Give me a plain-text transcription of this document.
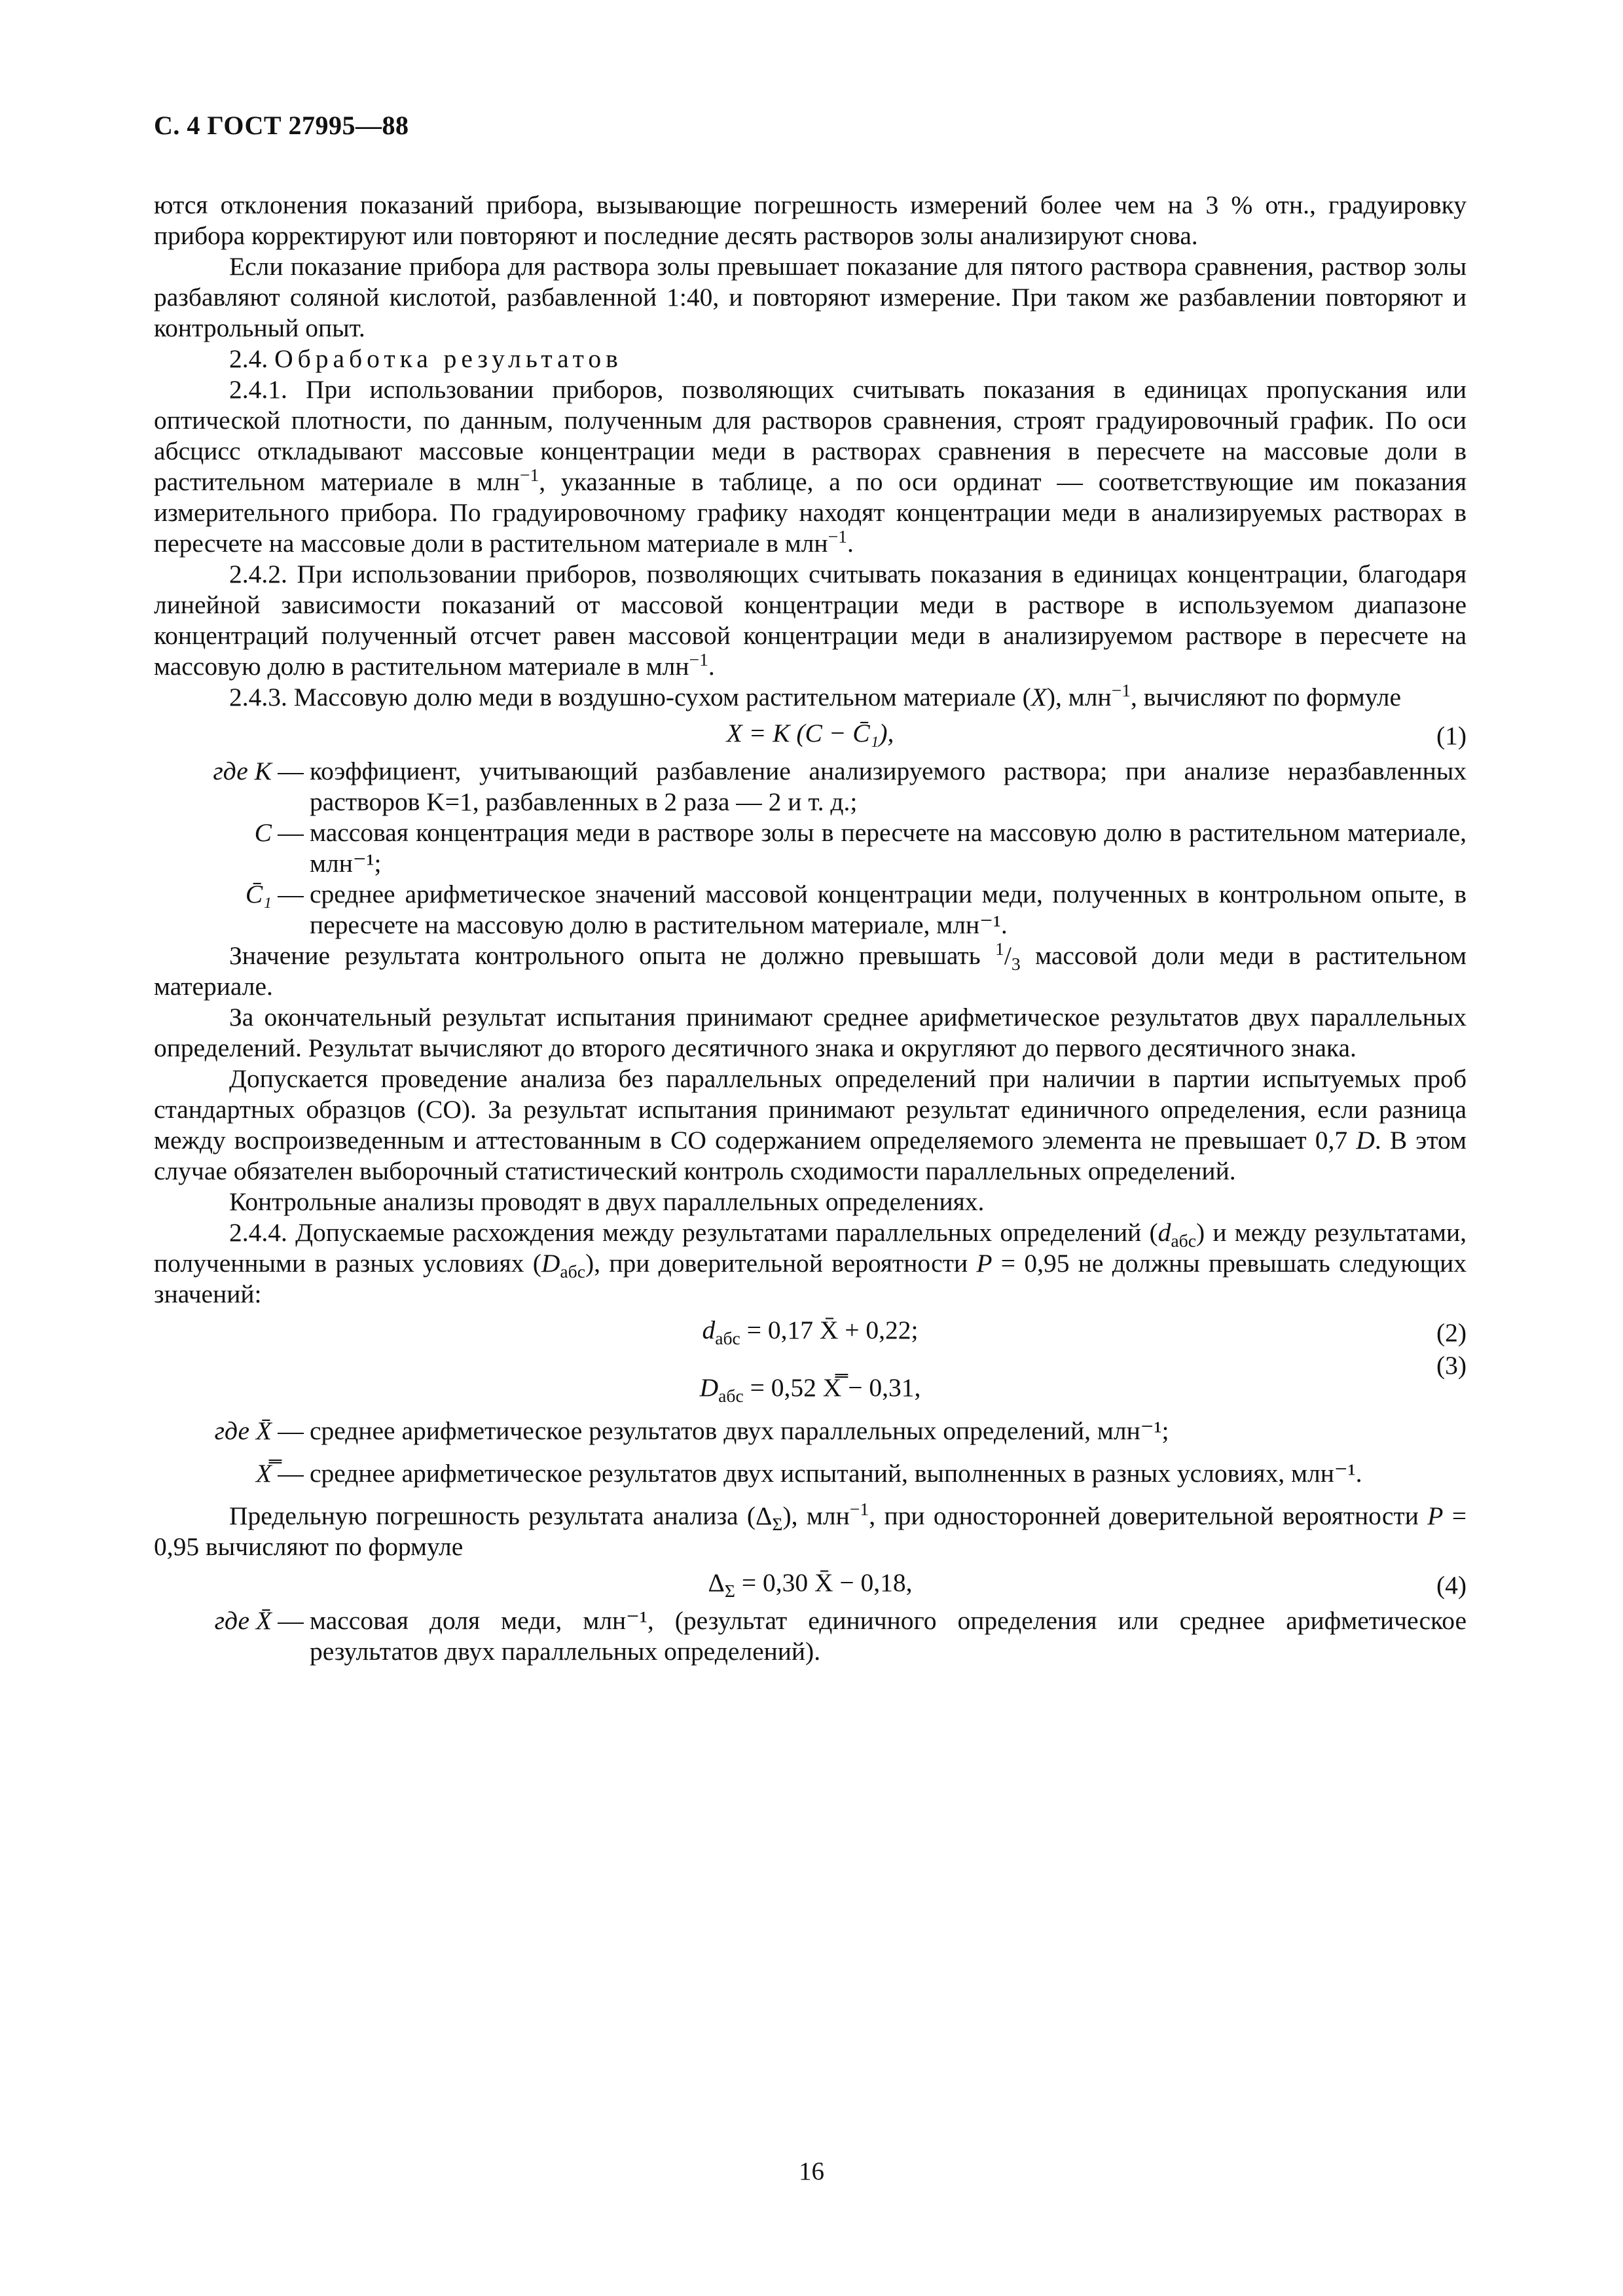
С. 4 ГОСТ 27995—88

ются отклонения показаний прибора, вызывающие погрешность измерений более чем на 3 % отн., градуировку прибора корректируют или повторяют и последние десять растворов золы анализируют снова.

Если показание прибора для раствора золы превышает показание для пятого раствора сравнения, раствор золы разбавляют соляной кислотой, разбавленной 1:40, и повторяют измерение. При таком же разбавлении повторяют и контрольный опыт.

2.4. Обработка результатов

2.4.1. При использовании приборов, позволяющих считывать показания в единицах пропускания или оптической плотности, по данным, полученным для растворов сравнения, строят градуировочный график. По оси абсцисс откладывают массовые концентрации меди в растворах сравнения в пересчете на массовые доли в растительном материале в млн$^{-1}$, указанные в таблице, а по оси ординат — соответствующие им показания измерительного прибора. По градуировочному графику находят концентрации меди в анализируемых растворах в пересчете на массовые доли в растительном материале в млн$^{-1}$.

2.4.2. При использовании приборов, позволяющих считывать показания в единицах концентрации, благодаря линейной зависимости показаний от массовой концентрации меди в растворе в используемом диапазоне концентраций полученный отсчет равен массовой концентрации меди в анализируемом растворе в пересчете на массовую долю в растительном материале в млн$^{-1}$.

2.4.3. Массовую долю меди в воздушно-сухом растительном материале (X), млн$^{-1}$, вычисляют по формуле

X = K (C − C̄₁),	(1)
где K — коэффициент, учитывающий разбавление анализируемого раствора; при анализе неразбавленных растворов K=1, разбавленных в 2 раза — 2 и т. д.;
C — массовая концентрация меди в растворе золы в пересчете на массовую долю в растительном материале, млн⁻¹;
C̄₁ — среднее арифметическое значений массовой концентрации меди, полученных в контрольном опыте, в пересчете на массовую долю в растительном материале, млн⁻¹.

Значение результата контрольного опыта не должно превышать $^1/_3$ массовой доли меди в растительном материале.

За окончательный результат испытания принимают среднее арифметическое результатов двух параллельных определений. Результат вычисляют до второго десятичного знака и округляют до первого десятичного знака.

Допускается проведение анализа без параллельных определений при наличии в партии испытуемых проб стандартных образцов (СО). За результат испытания принимают результат единичного определения, если разница между воспроизведенным и аттестованным в СО содержанием определяемого элемента не превышает 0,7 D. В этом случае обязателен выборочный статистический контроль сходимости параллельных определений.

Контрольные анализы проводят в двух параллельных определениях.

2.4.4. Допускаемые расхождения между результатами параллельных определений $(d_{абс})$ и между результатами, полученными в разных условиях $(D_{абс})$, при доверительной вероятности P = 0,95 не должны превышать следующих значений:

$d_{абс} = 0,17$ X̄ + 0,22;	(2)
$D_{абс} = 0,52$ X̿ − 0,31,
(3)
где X̄ — среднее арифметическое результатов двух параллельных определений, млн⁻¹;
X̿ — среднее арифметическое результатов двух испытаний, выполненных в разных условиях, млн⁻¹.

Предельную погрешность результата анализа $(\Delta_\Sigma)$, млн$^{-1}$, при односторонней доверительной вероятности P = 0,95 вычисляют по формуле

$\Delta_\Sigma = 0,30$ X̄ − 0,18,	(4)
где X̄ — массовая доля меди, млн⁻¹, (результат единичного определения или среднее арифметическое результатов двух параллельных определений).
16
